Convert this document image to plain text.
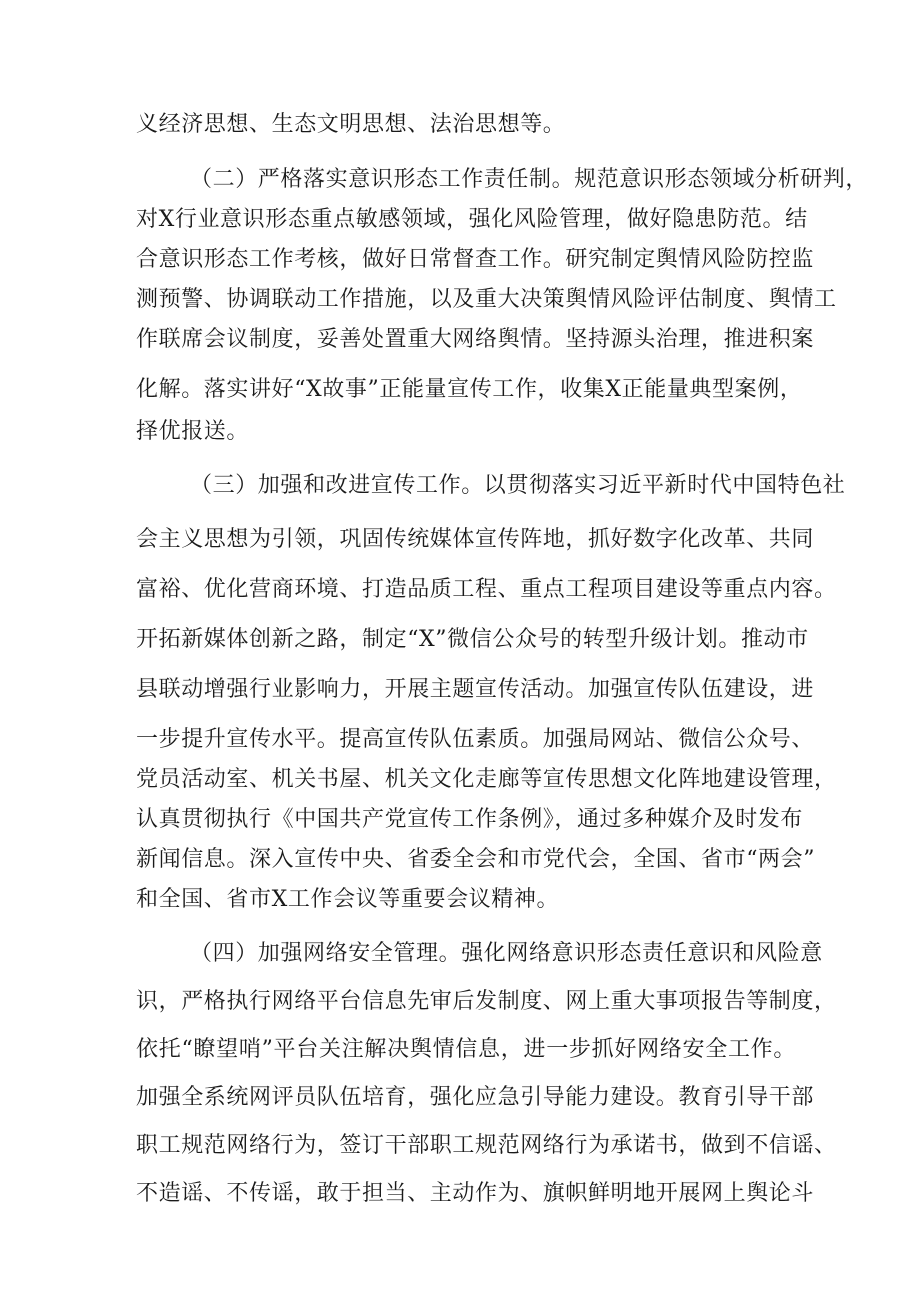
义经济思想、生态文明思想、法治思想等。
（二）严格落实意识形态工作责任制。规范意识形态领域分析研判，
对X行业意识形态重点敏感领域，强化风险管理，做好隐患防范。结
合意识形态工作考核，做好日常督查工作。研究制定舆情风险防控监
测预警、协调联动工作措施，以及重大决策舆情风险评估制度、舆情工
作联席会议制度，妥善处置重大网络舆情。坚持源头治理，推进积案
化解。落实讲好“X故事”正能量宣传工作，收集X正能量典型案例，
择优报送。
（三）加强和改进宣传工作。以贯彻落实习近平新时代中国特色社
会主义思想为引领，巩固传统媒体宣传阵地，抓好数字化改革、共同
富裕、优化营商环境、打造品质工程、重点工程项目建设等重点内容。
开拓新媒体创新之路，制定“X”微信公众号的转型升级计划。推动市
县联动增强行业影响力，开展主题宣传活动。加强宣传队伍建设，进
一步提升宣传水平。提高宣传队伍素质。加强局网站、微信公众号、
党员活动室、机关书屋、机关文化走廊等宣传思想文化阵地建设管理，
认真贯彻执行《中国共产党宣传工作条例》，通过多种媒介及时发布
新闻信息。深入宣传中央、省委全会和市党代会，全国、省市“两会”
和全国、省市X工作会议等重要会议精神。
（四）加强网络安全管理。强化网络意识形态责任意识和风险意
识，严格执行网络平台信息先审后发制度、网上重大事项报告等制度，
依托“瞭望哨”平台关注解决舆情信息，进一步抓好网络安全工作。
加强全系统网评员队伍培育，强化应急引导能力建设。教育引导干部
职工规范网络行为，签订干部职工规范网络行为承诺书，做到不信谣、
不造谣、不传谣，敢于担当、主动作为、旗帜鲜明地开展网上舆论斗
